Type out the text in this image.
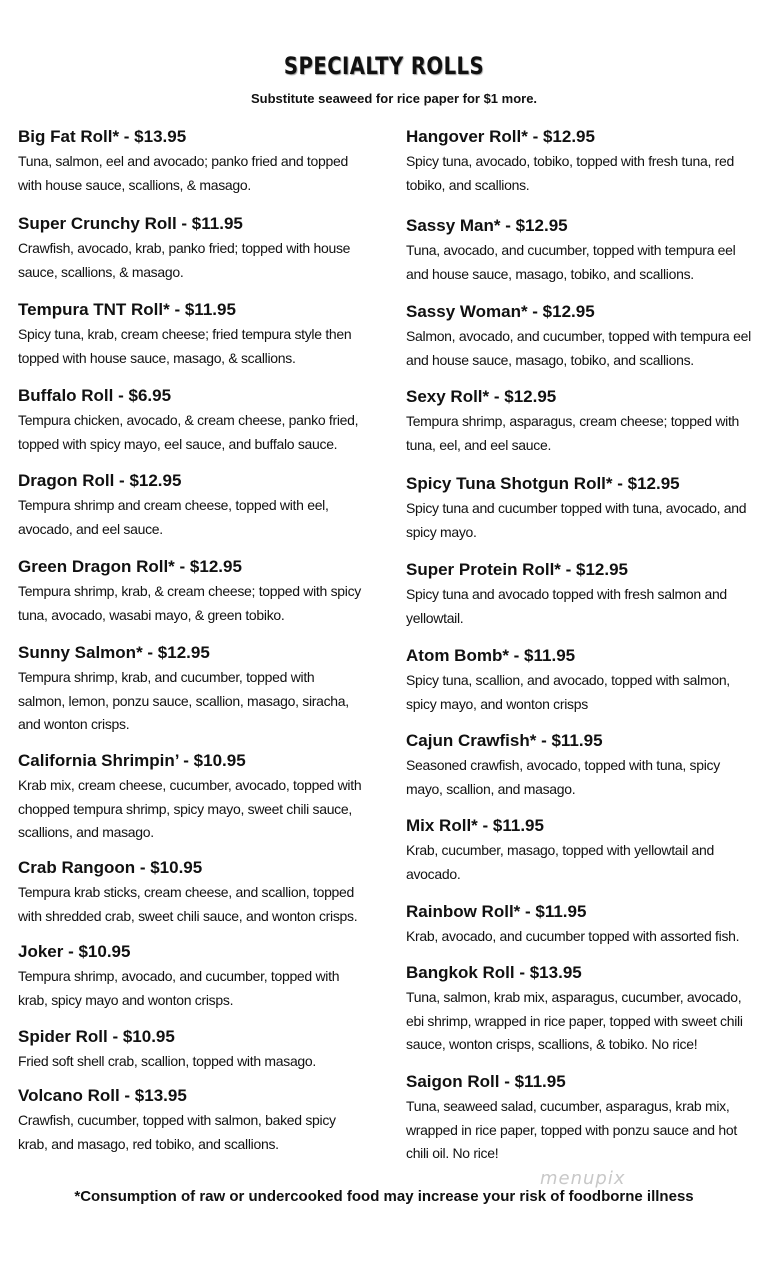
SPECIALTY ROLLS
Substitute seaweed for rice paper for $1 more.
Big Fat Roll* - $13.95
Tuna, salmon, eel and avocado; panko fried and topped with house sauce, scallions, & masago.
Super Crunchy Roll - $11.95
Crawfish, avocado, krab, panko fried; topped with house sauce, scallions, & masago.
Tempura TNT Roll* - $11.95
Spicy tuna, krab, cream cheese; fried tempura style then topped with house sauce, masago, & scallions.
Buffalo Roll - $6.95
Tempura chicken, avocado, & cream cheese, panko fried, topped with spicy mayo, eel sauce, and buffalo sauce.
Dragon Roll - $12.95
Tempura shrimp and cream cheese, topped with eel, avocado, and eel sauce.
Green Dragon Roll* - $12.95
Tempura shrimp, krab, & cream cheese; topped with spicy tuna, avocado, wasabi mayo, & green tobiko.
Sunny Salmon* - $12.95
Tempura shrimp, krab, and cucumber, topped with salmon, lemon, ponzu sauce, scallion, masago, siracha, and wonton crisps.
California Shrimpin’ - $10.95
Krab mix, cream cheese, cucumber, avocado, topped with chopped tempura shrimp, spicy mayo, sweet chili sauce, scallions, and masago.
Crab Rangoon - $10.95
Tempura krab sticks, cream cheese, and scallion, topped with shredded crab, sweet chili sauce, and wonton crisps.
Joker - $10.95
Tempura shrimp, avocado, and cucumber, topped with krab, spicy mayo and wonton crisps.
Spider Roll - $10.95
Fried soft shell crab, scallion, topped with masago.
Volcano Roll - $13.95
Crawfish, cucumber, topped with salmon, baked spicy krab, and masago, red tobiko, and scallions.
Hangover Roll* - $12.95
Spicy tuna, avocado, tobiko, topped with fresh tuna, red tobiko, and scallions.
Sassy Man* - $12.95
Tuna, avocado, and cucumber, topped with tempura eel and house sauce, masago, tobiko, and scallions.
Sassy Woman* - $12.95
Salmon, avocado, and cucumber, topped with tempura eel and house sauce, masago, tobiko, and scallions.
Sexy Roll* - $12.95
Tempura shrimp, asparagus, cream cheese; topped with tuna, eel, and eel sauce.
Spicy Tuna Shotgun Roll* - $12.95
Spicy tuna and cucumber topped with tuna, avocado, and spicy mayo.
Super Protein Roll* - $12.95
Spicy tuna and avocado topped with fresh salmon and yellowtail.
Atom Bomb* - $11.95
Spicy tuna, scallion, and avocado, topped with salmon, spicy mayo, and wonton crisps
Cajun Crawfish* - $11.95
Seasoned crawfish, avocado, topped with tuna, spicy mayo, scallion, and masago.
Mix Roll* - $11.95
Krab, cucumber, masago, topped with yellowtail and avocado.
Rainbow Roll* - $11.95
Krab, avocado, and cucumber topped with assorted fish.
Bangkok Roll - $13.95
Tuna, salmon, krab mix, asparagus, cucumber, avocado, ebi shrimp, wrapped in rice paper, topped with sweet chili sauce, wonton crisps, scallions, & tobiko. No rice!
Saigon Roll - $11.95
Tuna, seaweed salad, cucumber, asparagus, krab mix, wrapped in rice paper, topped with ponzu sauce and hot chili oil. No rice!
menupix
*Consumption of raw or undercooked food may increase your risk of foodborne illness
